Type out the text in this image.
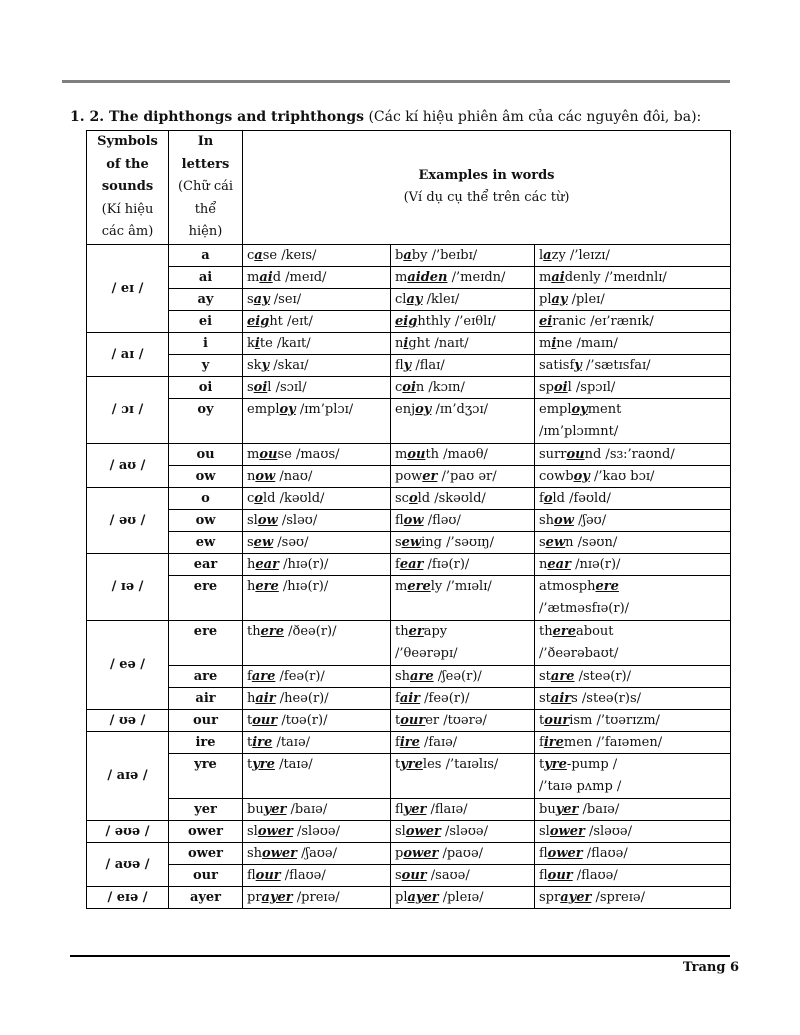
1. 2. The diphthongs and triphthongs (Các kí hiệu phiên âm của các nguyên đôi, ba):
Symbols
of the
sounds
(Kí hiệu
các âm)	In
letters
(Chữ cái
thể
hiện)	Examples in words
(Ví dụ cụ thể trên các từ)		
/ eɪ /	a	case /keɪs/	baby /’beɪbɪ/	lazy /’leɪzɪ/
	ai	maid /meɪd/	maiden /’meɪdn/	maidenly /’meɪdnlɪ/
	ay	say /seɪ/	clay /kleɪ/	play /pleɪ/
	ei	eight /eɪt/	eighthly /’eɪθlɪ/	eiranic /eɪ’rænɪk/
/ aɪ /	i	kite /kaɪt/	night /naɪt/	mine /maɪn/
	y	sky /skaɪ/	fly /flaɪ/	satisfy /’sætɪsfaɪ/
/ ɔɪ /	oi	soil /sɔɪl/	coin /kɔɪn/	spoil /spɔɪl/
	oy	employ /ɪm’plɔɪ/	enjoy /ɪn’dʒɔɪ/	employment
/ɪm’plɔɪmnt/
/ aʊ /	ou	mouse /maʊs/	mouth /maʊθ/	surround /sɜ:’raʊnd/
	ow	now /naʊ/	power /’paʊ ər/	cowboy /’kaʊ bɔɪ/
/ əʊ /	o	cold /kəʊld/	scold /skəʊld/	fold /fəʊld/
	ow	slow /sləʊ/	flow /fləʊ/	show /ʃəʊ/
	ew	sew /səʊ/	sewing /’səʊɪŋ/	sewn /səʊn/
/ ɪə /	ear	hear /hɪə(r)/	fear /fɪə(r)/	near /nɪə(r)/
	ere	here /hɪə(r)/	merely /’mɪəlɪ/	atmosphere
/’ætməsfɪə(r)/
/ eə /	ere	there /ðeə(r)/	therapy
/’θeərəpɪ/	thereabout
/’ðeərəbaʊt/
	are	fare /feə(r)/	share /ʃeə(r)/	stare /steə(r)/
	air	hair /heə(r)/	fair /feə(r)/	stairs /steə(r)s/
/ ʊə /	our	tour /tʊə(r)/	tourer /tʊərə/	tourism /’tʊərɪzm/
/ aɪə /	ire	tire /taɪə/	fire /faɪə/	firemen /’faɪəmen/
	yre	tyre /taɪə/	tyreles /’taɪəlɪs/	tyre-pump /
/’taɪə pʌmp /
	yer	buyer /baɪə/	flyer /flaɪə/	buyer /baɪə/
/ əʊə /	ower	slower /sləʊə/	slower /sləʊə/	slower /sləʊə/
/ aʊə /	ower	shower /ʃaʊə/	power /paʊə/	flower /flaʊə/
	our	flour /flaʊə/	sour /saʊə/	flour /flaʊə/
/ eɪə /	ayer	prayer /preɪə/	player /pleɪə/	sprayer /spreɪə/
Trang 6
